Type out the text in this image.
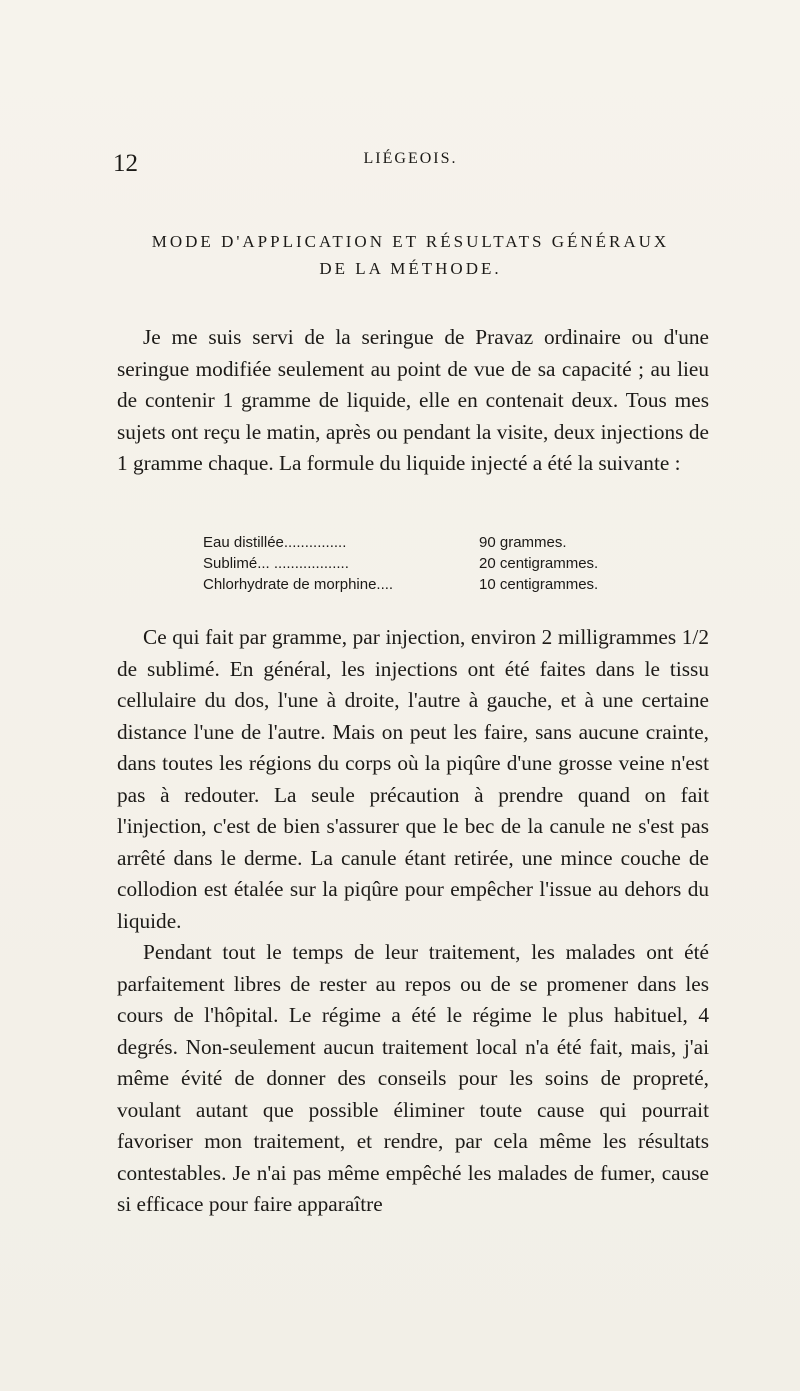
12	LIÉGEOIS.
MODE D'APPLICATION ET RÉSULTATS GÉNÉRAUX
DE LA MÉTHODE.

Je me suis servi de la seringue de Pravaz ordinaire ou d'une seringue modifiée seulement au point de vue de sa capacité ; au lieu de contenir 1 gramme de liquide, elle en contenait deux. Tous mes sujets ont reçu le matin, après ou pendant la visite, deux injections de 1 gramme chaque. La formule du liquide injecté a été la suivante :

Eau distillée...............	90 grammes.
Sublimé... ..................	20 centigrammes.
Chlorhydrate de morphine....	10 centigrammes.

Ce qui fait par gramme, par injection, environ 2 milligrammes 1/2 de sublimé. En général, les injections ont été faites dans le tissu cellulaire du dos, l'une à droite, l'autre à gauche, et à une certaine distance l'une de l'autre. Mais on peut les faire, sans aucune crainte, dans toutes les régions du corps où la piqûre d'une grosse veine n'est pas à redouter. La seule précaution à prendre quand on fait l'injection, c'est de bien s'assurer que le bec de la canule ne s'est pas arrêté dans le derme. La canule étant retirée, une mince couche de collodion est étalée sur la piqûre pour empêcher l'issue au dehors du liquide.

Pendant tout le temps de leur traitement, les malades ont été parfaitement libres de rester au repos ou de se promener dans les cours de l'hôpital. Le régime a été le régime le plus habituel, 4 degrés. Non-seulement aucun traitement local n'a été fait, mais, j'ai même évité de donner des conseils pour les soins de propreté, voulant autant que possible éliminer toute cause qui pourrait favoriser mon traitement, et rendre, par cela même les résultats contestables. Je n'ai pas même empêché les malades de fumer, cause si efficace pour faire apparaître
